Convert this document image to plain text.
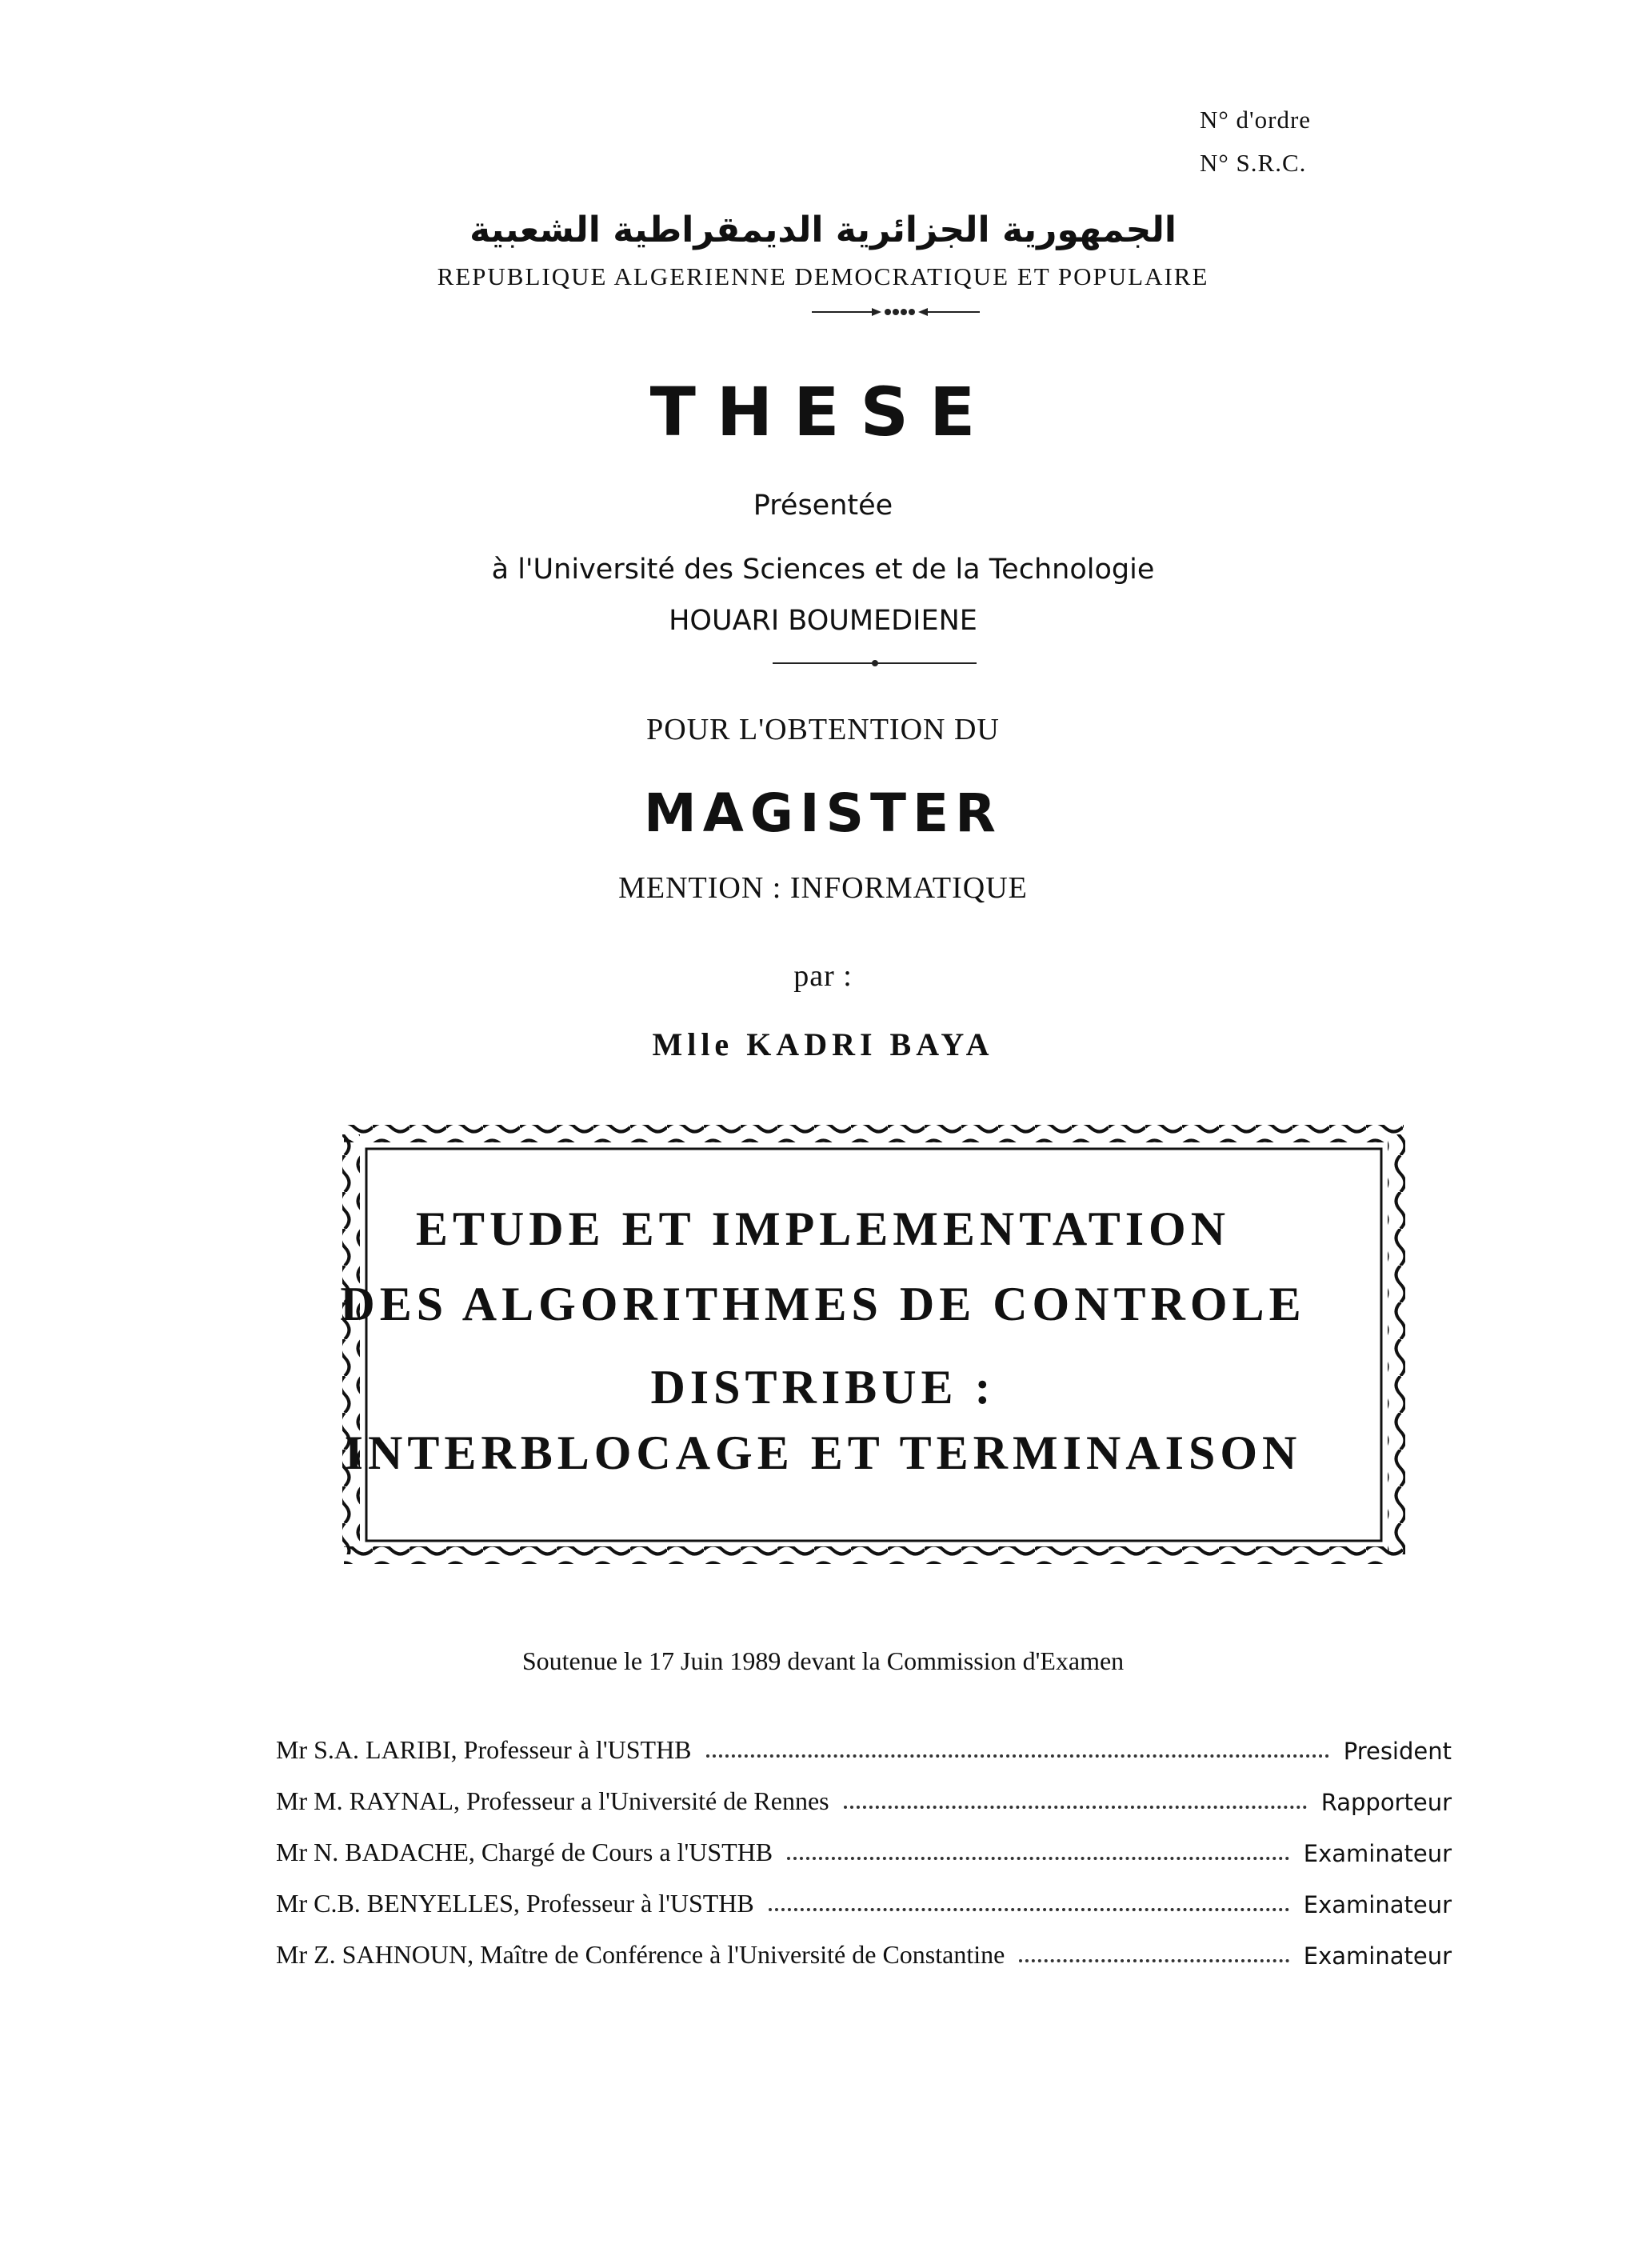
N° d'ordre
N° S.R.C.
الجمهورية الجزائرية الديمقراطية الشعبية
REPUBLIQUE ALGERIENNE DEMOCRATIQUE ET POPULAIRE
THESE
Présentée
à l'Université des Sciences et de la Technologie
HOUARI BOUMEDIENE
POUR L'OBTENTION DU
MAGISTER
MENTION : INFORMATIQUE
par :
Mlle KADRI BAYA
ETUDE ET IMPLEMENTATION
DES ALGORITHMES DE CONTROLE
DISTRIBUE :
INTERBLOCAGE ET TERMINAISON
Soutenue le 17 Juin 1989 devant la Commission d'Examen
Mr S.A. LARIBI, Professeur à l'USTHB	President
Mr M. RAYNAL, Professeur a l'Université de Rennes	Rapporteur
Mr N. BADACHE, Chargé de Cours a l'USTHB	Examinateur
Mr C.B. BENYELLES, Professeur à l'USTHB	Examinateur
Mr Z. SAHNOUN, Maître de Conférence à l'Université de Constantine	Examinateur
